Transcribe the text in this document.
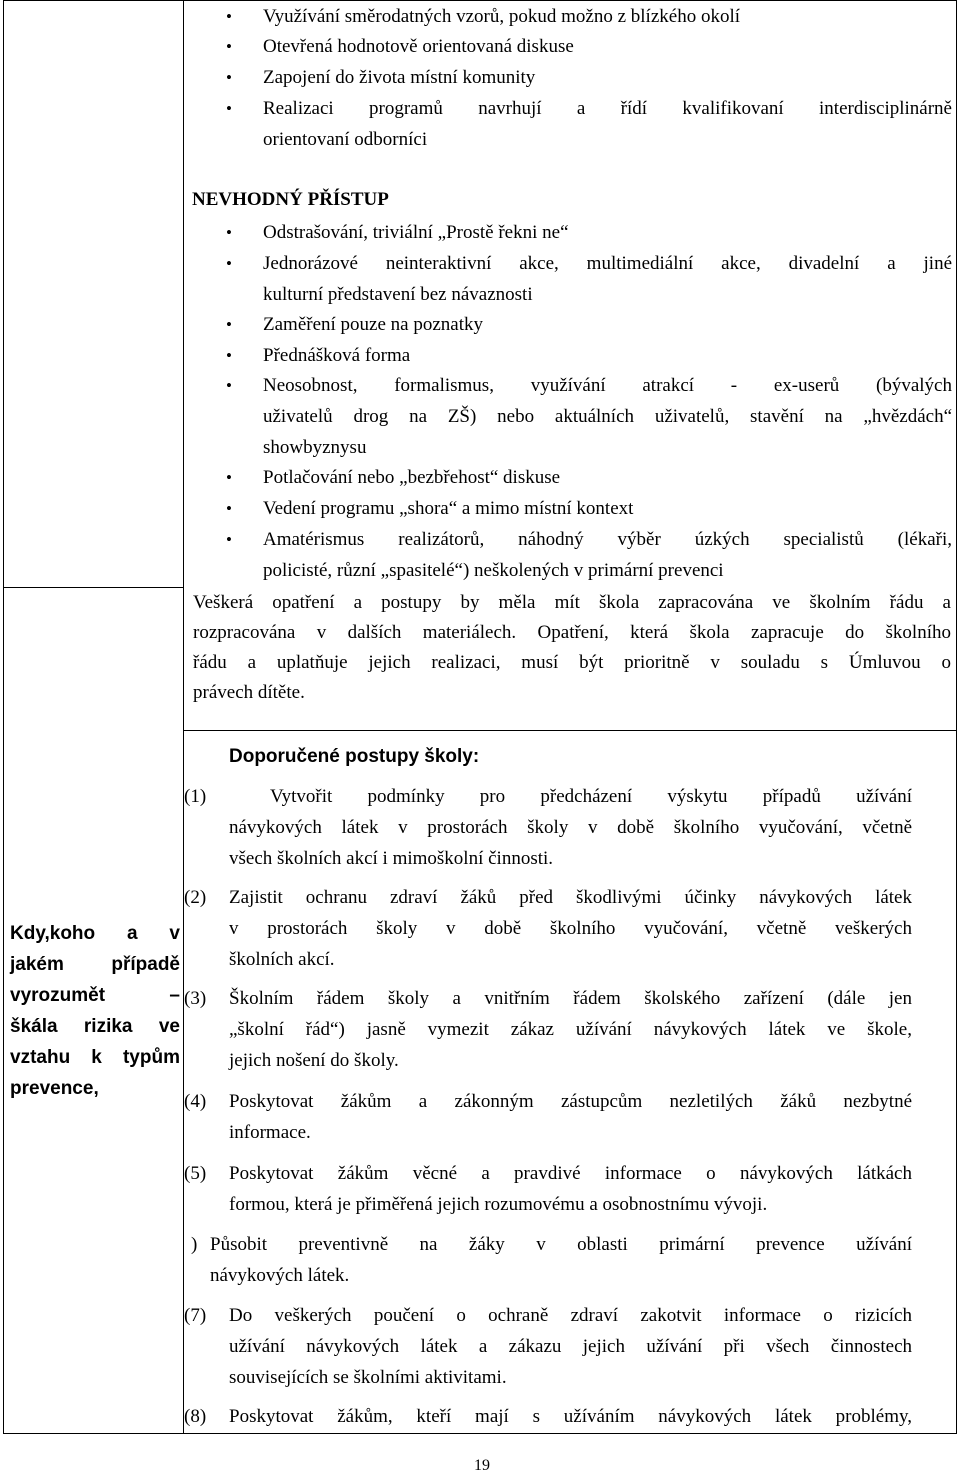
• Využívání směrodatných vzorů, pokud možno z blízkého okolí
• Otevřená hodnotově orientovaná diskuse
• Zapojení do života místní komunity
• Realizaci programů navrhují a řídí kvalifikovaní interdisciplinárně
orientovaní odborníci
NEVHODNÝ PŘÍSTUP
• Odstrašování, triviální „Prostě řekni ne“
• Jednorázové neinteraktivní akce, multimediální akce, divadelní a jiné
kulturní představení bez návaznosti
• Zaměření pouze na poznatky
• Přednášková forma
• Neosobnost, formalismus, využívání atrakcí - ex-userů (bývalých
uživatelů drog na ZŠ) nebo aktuálních uživatelů, stavění na „hvězdách“
showbyznysu
• Potlačování nebo „bezbřehost“ diskuse
• Vedení programu „shora“ a mimo místní kontext
• Amatérismus realizátorů, náhodný výběr úzkých specialistů (lékaři,
policisté, různí „spasitelé“) neškolených v primární prevenci
Veškerá opatření a postupy by měla mít škola zapracována ve školním řádu a
rozpracována v dalších materiálech. Opatření, která škola zapracuje do školního
řádu a uplatňuje jejich realizaci, musí být prioritně v souladu s Úmluvou o
právech dítěte.
Kdy,koho a v
jakém případě
vyrozumět –
škála rizika ve
vztahu k typům
prevence,
Doporučené postupy školy:
(1)	Vytvořit podmínky pro předcházení výskytu případů užívání
návykových látek v prostorách školy v době školního vyučování, včetně
všech školních akcí i mimoškolní činnosti.
(2) Zajistit ochranu zdraví žáků před škodlivými účinky návykových látek
v prostorách školy v době školního vyučování, včetně veškerých
školních akcí.
(3) Školním řádem školy a vnitřním řádem školského zařízení (dále jen
„školní řád“) jasně vymezit zákaz užívání návykových látek ve škole,
jejich nošení do školy.
(4) Poskytovat žákům a zákonným zástupcům nezletilých žáků nezbytné
informace.
(5) Poskytovat žákům věcné a pravdivé informace o návykových látkách
formou, která je přiměřená jejich rozumovému a osobnostnímu vývoji.
) Působit preventivně na žáky v oblasti primární prevence užívání
návykových látek.
(7) Do veškerých poučení o ochraně zdraví zakotvit informace o rizicích
užívání návykových látek a zákazu jejich užívání při všech činnostech
souvisejících se školními aktivitami.
(8) Poskytovat žákům, kteří mají s užíváním návykových látek problémy,
19
